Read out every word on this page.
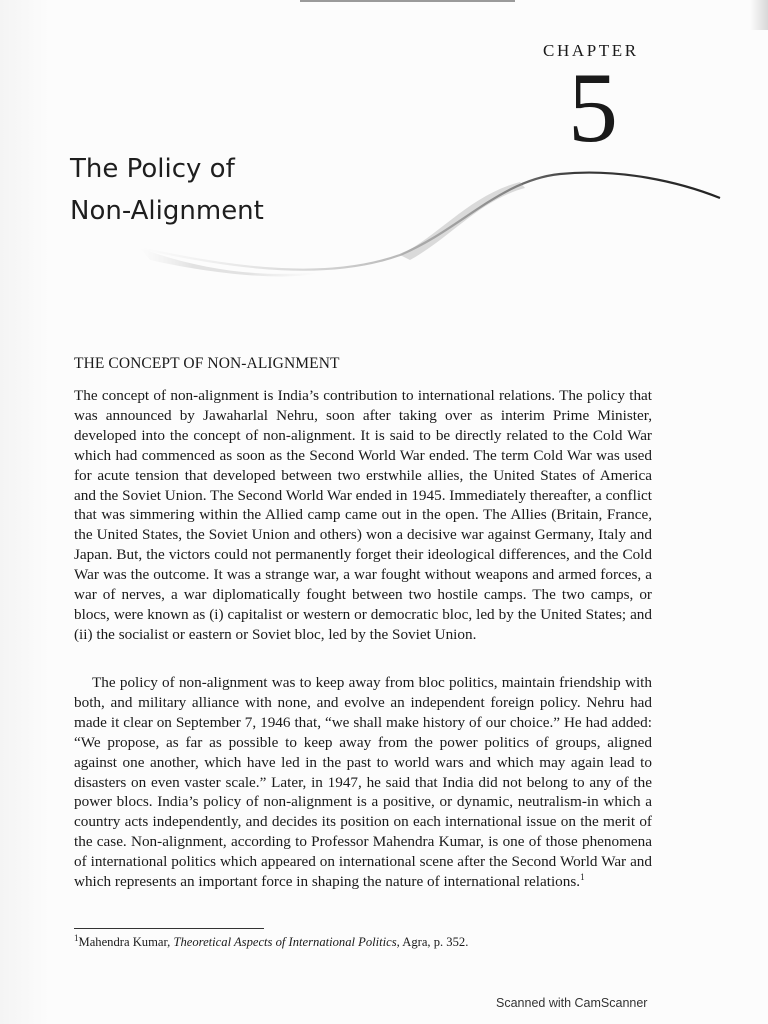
CHAPTER
5
The Policy of
Non-Alignment
THE CONCEPT OF NON-ALIGNMENT

The concept of non-alignment is India’s contribution to international relations. The policy that was announced by Jawaharlal Nehru, soon after taking over as interim Prime Minister, developed into the concept of non-alignment. It is said to be directly related to the Cold War which had commenced as soon as the Second World War ended. The term Cold War was used for acute tension that developed between two erstwhile allies, the United States of America and the Soviet Union. The Second World War ended in 1945. Immediately thereafter, a conflict that was simmering within the Allied camp came out in the open. The Allies (Britain, France, the United States, the Soviet Union and others) won a decisive war against Germany, Italy and Japan. But, the victors could not permanently forget their ideological differences, and the Cold War was the outcome. It was a strange war, a war fought without weapons and armed forces, a war of nerves, a war diplomatically fought between two hostile camps. The two camps, or blocs, were known as (i) capitalist or western or democratic bloc, led by the United States; and (ii) the socialist or eastern or Soviet bloc, led by the Soviet Union.

The policy of non-alignment was to keep away from bloc politics, maintain friendship with both, and military alliance with none, and evolve an independent foreign policy. Nehru had made it clear on September 7, 1946 that, “we shall make history of our choice.” He had added: “We propose, as far as possible to keep away from the power politics of groups, aligned against one another, which have led in the past to world wars and which may again lead to disasters on even vaster scale.” Later, in 1947, he said that India did not belong to any of the power blocs. India’s policy of non-alignment is a positive, or dynamic, neutralism-in which a country acts independently, and decides its position on each international issue on the merit of the case. Non-alignment, according to Professor Mahendra Kumar, is one of those phenomena of international politics which appeared on international scene after the Second World War and which represents an important force in shaping the nature of international relations.$^1$

$^1$Mahendra Kumar, Theoretical Aspects of International Politics, Agra, p. 352.

Scanned with CamScanner
